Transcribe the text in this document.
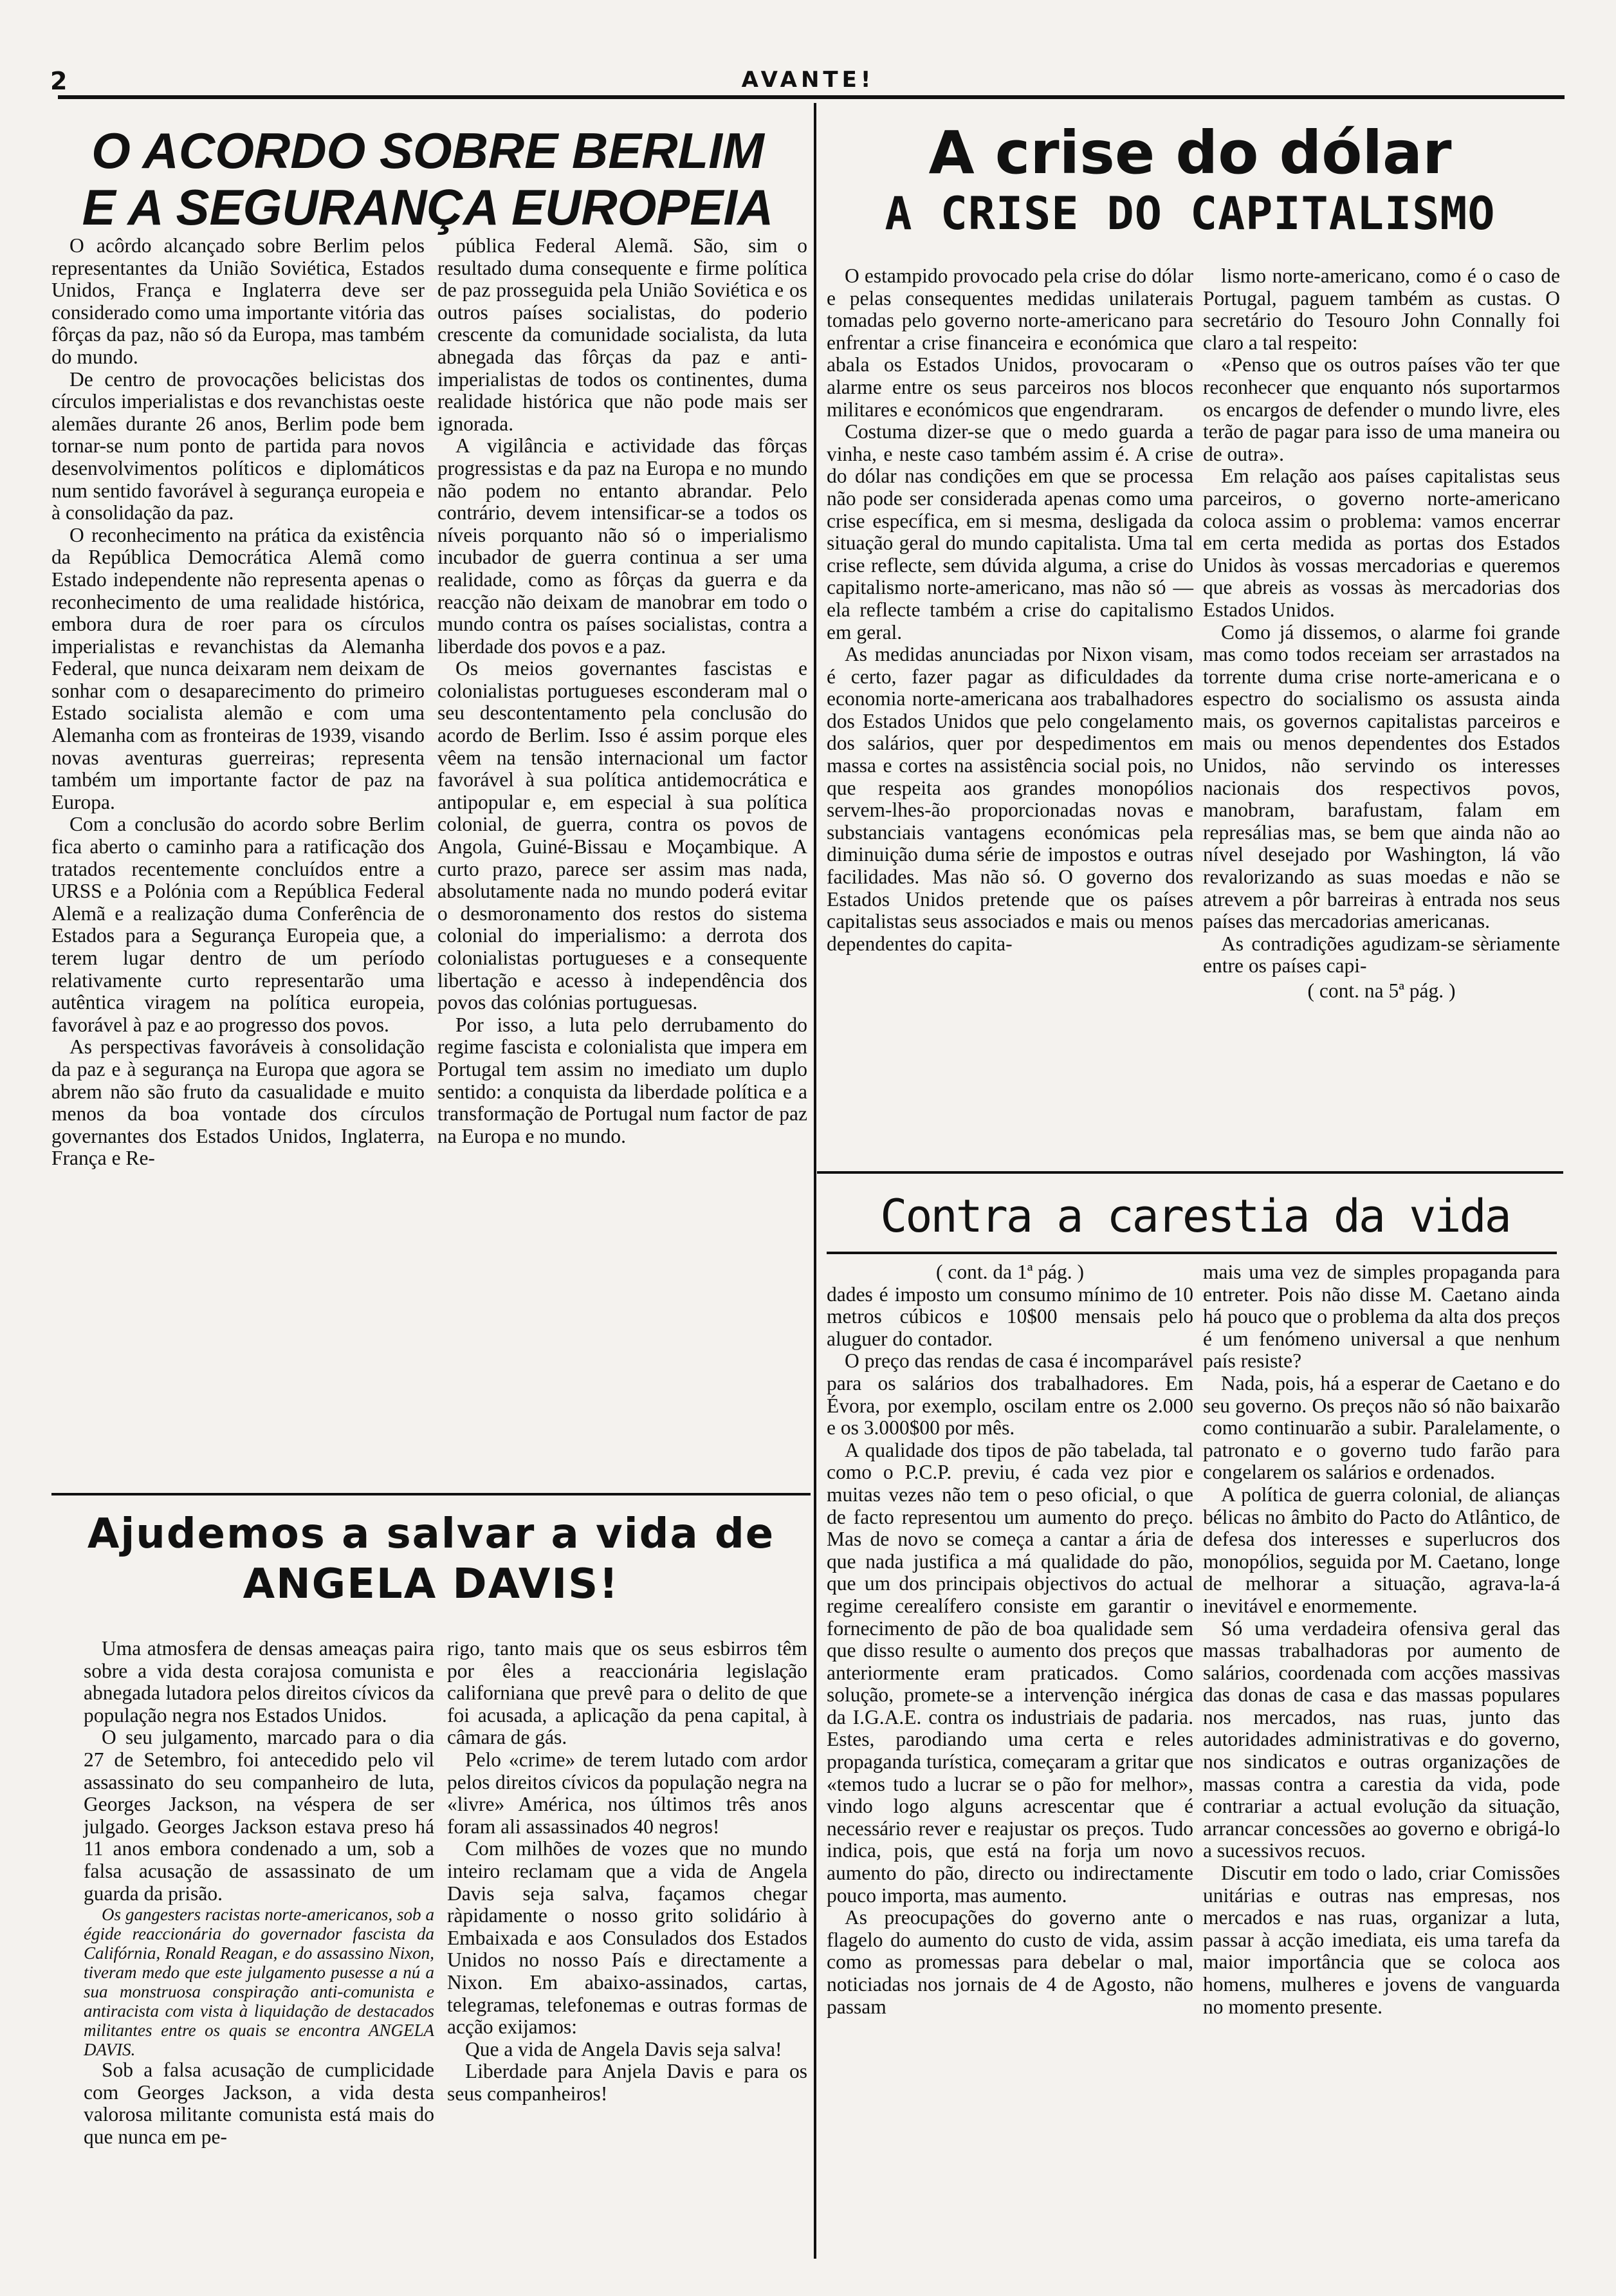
2	AVANTE!
O ACORDO SOBRE BERLIM
E A SEGURANÇA EUROPEIA

O acôrdo alcançado sobre Berlim pelos representantes da União Soviética, Estados Unidos, França e Inglaterra deve ser considerado como uma importante vitória das fôrças da paz, não só da Europa, mas também do mundo.

De centro de provocações belicistas dos círculos imperialistas e dos revanchistas oeste alemães durante 26 anos, Berlim pode bem tornar-se num ponto de partida para novos desenvolvimentos políticos e diplomáticos num sentido favorável à segurança europeia e à consolidação da paz.

O reconhecimento na prática da existência da República Democrática Alemã como Estado independente não representa apenas o reconhecimento de uma realidade histórica, embora dura de roer para os círculos imperialistas e revanchistas da Alemanha Federal, que nunca deixaram nem deixam de sonhar com o desaparecimento do primeiro Estado socialista alemão e com uma Alemanha com as fronteiras de 1939, visando novas aventuras guerreiras; representa também um importante factor de paz na Europa.

Com a conclusão do acordo sobre Berlim fica aberto o caminho para a ratificação dos tratados recentemente concluídos entre a URSS e a Polónia com a República Federal Alemã e a realização duma Conferência de Estados para a Segurança Europeia que, a terem lugar dentro de um período relativamente curto representarão uma autêntica viragem na política europeia, favorável à paz e ao progresso dos povos.

As perspectivas favoráveis à consolidação da paz e à segurança na Europa que agora se abrem não são fruto da casualidade e muito menos da boa vontade dos círculos governantes dos Estados Unidos, Inglaterra, França e Re-

pública Federal Alemã. São, sim o resultado duma consequente e firme política de paz prosseguida pela União Soviética e os outros países socialistas, do poderio crescente da comunidade socialista, da luta abnegada das fôrças da paz e anti-imperialistas de todos os continentes, duma realidade histórica que não pode mais ser ignorada.

A vigilância e actividade das fôrças progressistas e da paz na Europa e no mundo não podem no entanto abrandar. Pelo contrário, devem intensificar-se a todos os níveis porquanto não só o imperialismo incubador de guerra continua a ser uma realidade, como as fôrças da guerra e da reacção não deixam de manobrar em todo o mundo contra os países socialistas, contra a liberdade dos povos e a paz.

Os meios governantes fascistas e colonialistas portugueses esconderam mal o seu descontentamento pela conclusão do acordo de Berlim. Isso é assim porque eles vêem na tensão internacional um factor favorável à sua política antidemocrática e antipopular e, em especial à sua política colonial, de guerra, contra os povos de Angola, Guiné-Bissau e Moçambique. A curto prazo, parece ser assim mas nada, absolutamente nada no mundo poderá evitar o desmoronamento dos restos do sistema colonial do imperialismo: a derrota dos colonialistas portugueses e a consequente libertação e acesso à independência dos povos das colónias portuguesas.

Por isso, a luta pelo derrubamento do regime fascista e colonialista que impera em Portugal tem assim no imediato um duplo sentido: a conquista da liberdade política e a transformação de Portugal num factor de paz na Europa e no mundo.

A crise do dólar
A CRISE DO CAPITALISMO

O estampido provocado pela crise do dólar e pelas consequentes medidas unilaterais tomadas pelo governo norte-americano para enfrentar a crise financeira e económica que abala os Estados Unidos, provocaram o alarme entre os seus parceiros nos blocos militares e económicos que engendraram.

Costuma dizer-se que o medo guarda a vinha, e neste caso também assim é. A crise do dólar nas condições em que se processa não pode ser considerada apenas como uma crise específica, em si mesma, desligada da situação geral do mundo capitalista. Uma tal crise reflecte, sem dúvida alguma, a crise do capitalismo norte-americano, mas não só — ela reflecte também a crise do capitalismo em geral.

As medidas anunciadas por Nixon visam, é certo, fazer pagar as dificuldades da economia norte-americana aos trabalhadores dos Estados Unidos que pelo congelamento dos salários, quer por despedimentos em massa e cortes na assistência social pois, no que respeita aos grandes monopólios servem-lhes-ão proporcionadas novas e substanciais vantagens económicas pela diminuição duma série de impostos e outras facilidades. Mas não só. O governo dos Estados Unidos pretende que os países capitalistas seus associados e mais ou menos dependentes do capita-

lismo norte-americano, como é o caso de Portugal, paguem também as custas. O secretário do Tesouro John Connally foi claro a tal respeito:

«Penso que os outros países vão ter que reconhecer que enquanto nós suportarmos os encargos de defender o mundo livre, eles terão de pagar para isso de uma maneira ou de outra».

Em relação aos países capitalistas seus parceiros, o governo norte-americano coloca assim o problema: vamos encerrar em certa medida as portas dos Estados Unidos às vossas mercadorias e queremos que abreis as vossas às mercadorias dos Estados Unidos.

Como já dissemos, o alarme foi grande mas como todos receiam ser arrastados na torrente duma crise norte-americana e o espectro do socialismo os assusta ainda mais, os governos capitalistas parceiros e mais ou menos dependentes dos Estados Unidos, não servindo os interesses nacionais dos respectivos povos, manobram, barafustam, falam em represálias mas, se bem que ainda não ao nível desejado por Washington, lá vão revalorizando as suas moedas e não se atrevem a pôr barreiras à entrada nos seus países das mercadorias americanas.

As contradições agudizam-se sèriamente entre os países capi-

( cont. na 5ª pág. )
Contra a carestia da vida
( cont. da 1ª pág. )

dades é imposto um consumo mínimo de 10 metros cúbicos e 10$00 mensais pelo aluguer do contador.

O preço das rendas de casa é incomparável para os salários dos trabalhadores. Em Évora, por exemplo, oscilam entre os 2.000 e os 3.000$00 por mês.

A qualidade dos tipos de pão tabelada, tal como o P.C.P. previu, é cada vez pior e muitas vezes não tem o peso oficial, o que de facto representou um aumento do preço. Mas de novo se começa a cantar a ária de que nada justifica a má qualidade do pão, que um dos principais objectivos do actual regime cerealífero consiste em garantir o fornecimento de pão de boa qualidade sem que disso resulte o aumento dos preços que anteriormente eram praticados. Como solução, promete-se a intervenção inérgica da I.G.A.E. contra os industriais de padaria. Estes, parodiando uma certa e reles propaganda turística, começaram a gritar que «temos tudo a lucrar se o pão for melhor», vindo logo alguns acrescentar que é necessário rever e reajustar os preços. Tudo indica, pois, que está na forja um novo aumento do pão, directo ou indirectamente pouco importa, mas aumento.

As preocupações do governo ante o flagelo do aumento do custo de vida, assim como as promessas para debelar o mal, noticiadas nos jornais de 4 de Agosto, não passam

mais uma vez de simples propaganda para entreter. Pois não disse M. Caetano ainda há pouco que o problema da alta dos preços é um fenómeno universal a que nenhum país resiste?

Nada, pois, há a esperar de Caetano e do seu governo. Os preços não só não baixarão como continuarão a subir. Paralelamente, o patronato e o governo tudo farão para congelarem os salários e ordenados.

A política de guerra colonial, de alianças bélicas no âmbito do Pacto do Atlântico, de defesa dos interesses e superlucros dos monopólios, seguida por M. Caetano, longe de melhorar a situação, agrava-la-á inevitável e enormemente.

Só uma verdadeira ofensiva geral das massas trabalhadoras por aumento de salários, coordenada com acções massivas das donas de casa e das massas populares nos mercados, nas ruas, junto das autoridades administrativas e do governo, nos sindicatos e outras organizações de massas contra a carestia da vida, pode contrariar a actual evolução da situação, arrancar concessões ao governo e obrigá-lo a sucessivos recuos.

Discutir em todo o lado, criar Comissões unitárias e outras nas empresas, nos mercados e nas ruas, organizar a luta, passar à acção imediata, eis uma tarefa da maior importância que se coloca aos homens, mulheres e jovens de vanguarda no momento presente.

Ajudemos a salvar a vida de
ANGELA DAVIS!

Uma atmosfera de densas ameaças paira sobre a vida desta corajosa comunista e abnegada lutadora pelos direitos cívicos da população negra nos Estados Unidos.

O seu julgamento, marcado para o dia 27 de Setembro, foi antecedido pelo vil assassinato do seu companheiro de luta, Georges Jackson, na véspera de ser julgado. Georges Jackson estava preso há 11 anos embora condenado a um, sob a falsa acusação de assassinato de um guarda da prisão.

Os gangesters racistas norte-americanos, sob a égide reaccionária do governador fascista da Califórnia, Ronald Reagan, e do assassino Nixon, tiveram medo que este julgamento pusesse a nú a sua monstruosa conspiração anti-comunista e antiracista com vista à liquidação de destacados militantes entre os quais se encontra ANGELA DAVIS.

Sob a falsa acusação de cumplicidade com Georges Jackson, a vida desta valorosa militante comunista está mais do que nunca em pe-

rigo, tanto mais que os seus esbirros têm por êles a reaccionária legislação californiana que prevê para o delito de que foi acusada, a aplicação da pena capital, à câmara de gás.

Pelo «crime» de terem lutado com ardor pelos direitos cívicos da população negra na «livre» América, nos últimos três anos foram ali assassinados 40 negros!

Com milhões de vozes que no mundo inteiro reclamam que a vida de Angela Davis seja salva, façamos chegar ràpidamente o nosso grito solidário à Embaixada e aos Consulados dos Estados Unidos no nosso País e directamente a Nixon. Em abaixo-assinados, cartas, telegramas, telefonemas e outras formas de acção exijamos:

Que a vida de Angela Davis seja salva!

Liberdade para Anjela Davis e para os seus companheiros!
